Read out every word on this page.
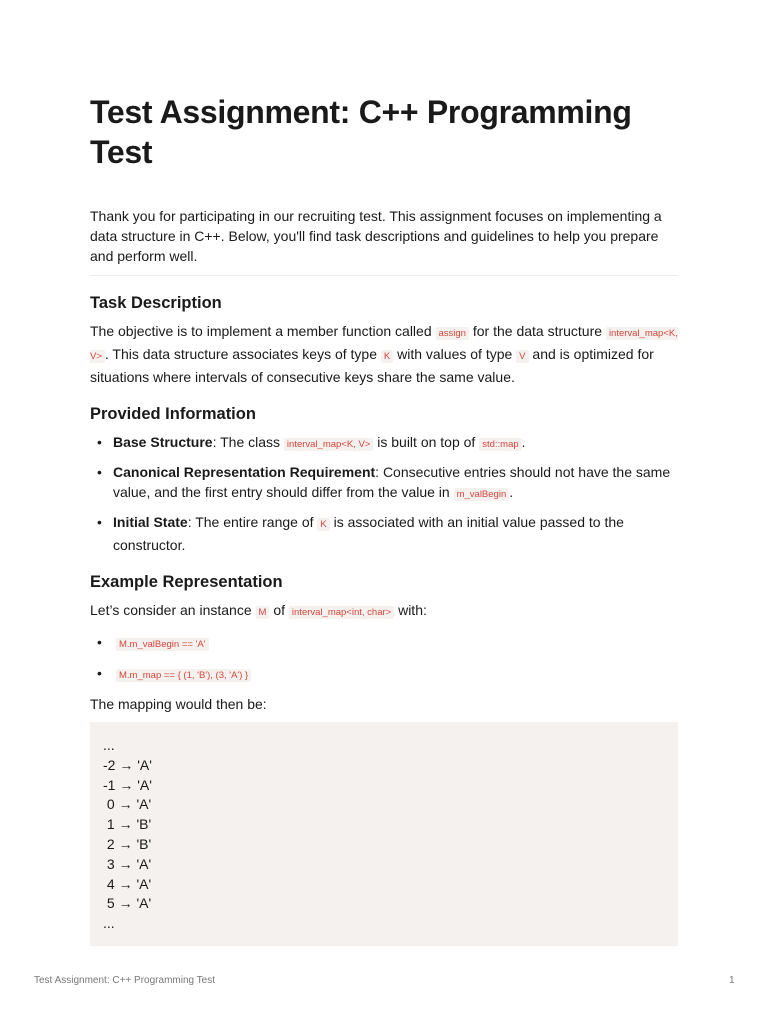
Test Assignment: C++ Programming Test

Thank you for participating in our recruiting test. This assignment focuses on implementing a data structure in C++. Below, you'll find task descriptions and guidelines to help you prepare and perform well.

Task Description

The objective is to implement a member function called assign for the data structure interval_map<K, V> . This data structure associates keys of type K with values of type V and is optimized for situations where intervals of consecutive keys share the same value.

Provided Information
• Base Structure: The class interval_map<K, V> is built on top of std::map .
• Canonical Representation Requirement: Consecutive entries should not have the same value, and the first entry should differ from the value in m_valBegin .
• Initial State: The entire range of K is associated with an initial value passed to the constructor.
Example Representation

Let’s consider an instance M of interval_map<int, char> with:

• M.m_valBegin == 'A'
• M.m_map == { (1, 'B'), (3, 'A') }

The mapping would then be:

...
-2 → 'A'
-1 → 'A'
0 → 'A'
1 → 'B'
2 → 'B'
3 → 'A'
4 → 'A'
5 → 'A'
...
Test Assignment: C++ Programming Test	1
